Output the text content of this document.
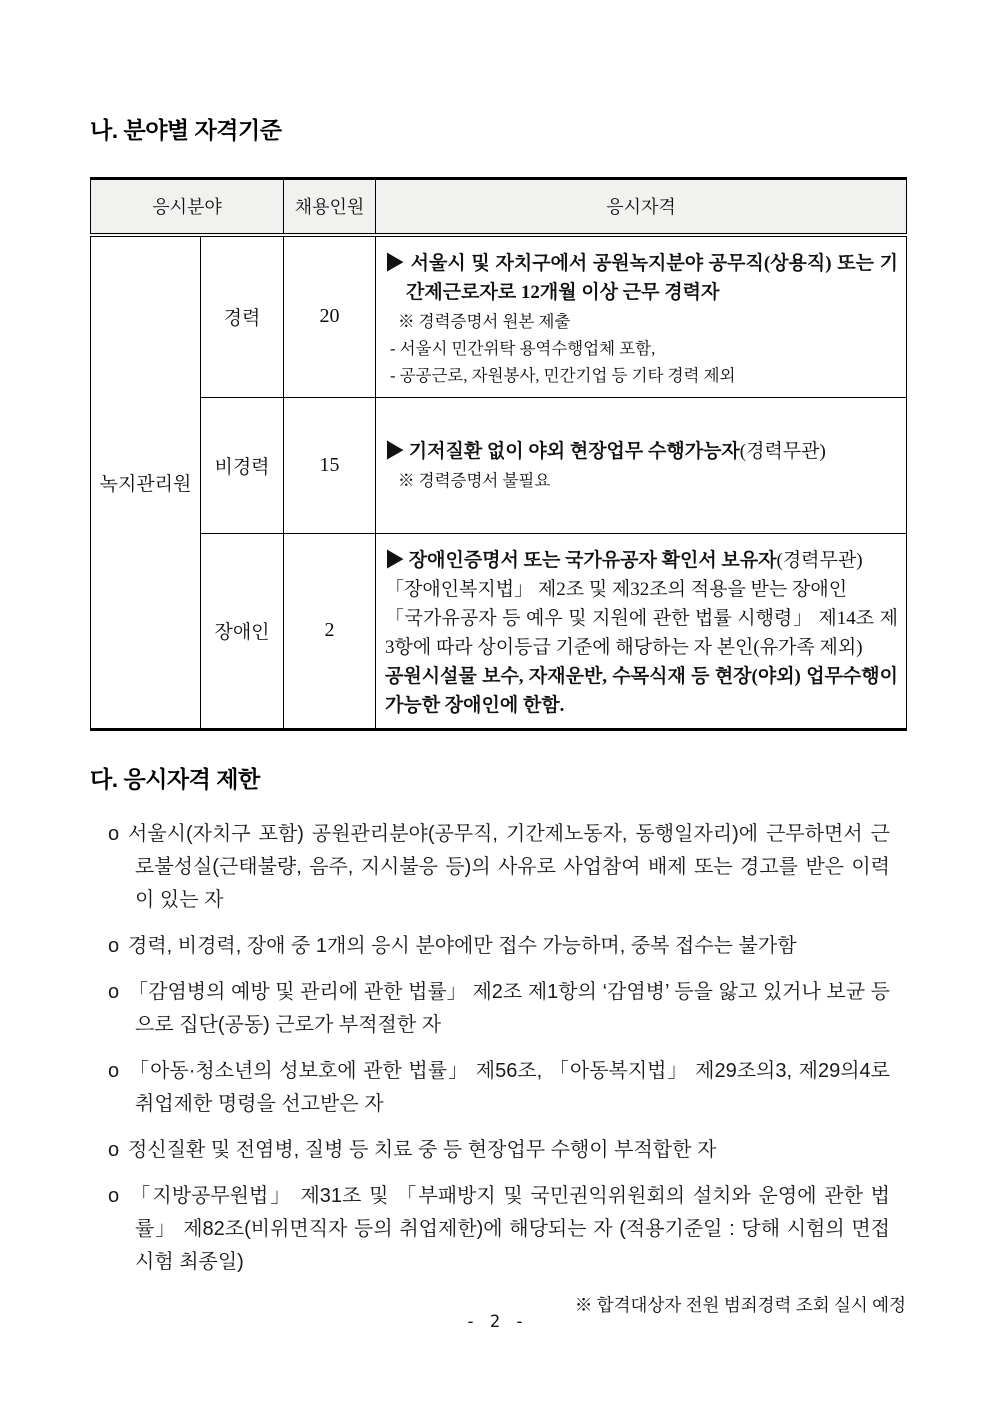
나. 분야별 자격기준
응시분야		채용인원	응시자격
녹지관리원	경력	20	▶ 서울시 및 자치구에서 공원녹지분야 공무직(상용직) 또는 기간제근로자로 12개월 이상 근무 경력자

※ 경력증명서 원본 제출

- 서울시 민간위탁 용역수행업체 포함,

- 공공근로, 자원봉사, 민간기업 등 기타 경력 제외

	비경력	15	▶ 기저질환 없이 야외 현장업무 수행가능자(경력무관)

※ 경력증명서 불필요

	장애인	2	▶ 장애인증명서 또는 국가유공자 확인서 보유자(경력무관)

「장애인복지법」 제2조 및 제32조의 적용을 받는 장애인

「국가유공자 등 예우 및 지원에 관한 법률 시행령」 제14조 제3항에 따라 상이등급 기준에 해당하는 자 본인(유가족 제외)

공원시설물 보수, 자재운반, 수목식재 등 현장(야외) 업무수행이 가능한 장애인에 한함.

다. 응시자격 제한

o 서울시(자치구 포함) 공원관리분야(공무직, 기간제노동자, 동행일자리)에 근무하면서 근로불성실(근태불량, 음주, 지시불응 등)의 사유로 사업참여 배제 또는 경고를 받은 이력이 있는 자

o 경력, 비경력, 장애 중 1개의 응시 분야에만 접수 가능하며, 중복 접수는 불가함

o 「감염병의 예방 및 관리에 관한 법률」 제2조 제1항의 ‘감염병’ 등을 앓고 있거나 보균 등으로 집단(공동) 근로가 부적절한 자

o 「아동·청소년의 성보호에 관한 법률」 제56조, 「아동복지법」 제29조의3, 제29의4로 취업제한 명령을 선고받은 자

o 정신질환 및 전염병, 질병 등 치료 중 등 현장업무 수행이 부적합한 자

o 「지방공무원법」 제31조 및 「부패방지 및 국민권익위원회의 설치와 운영에 관한 법률」 제82조(비위면직자 등의 취업제한)에 해당되는 자 (적용기준일 : 당해 시험의 면접시험 최종일)

※ 합격대상자 전원 범죄경력 조회 실시 예정
- 2 -
